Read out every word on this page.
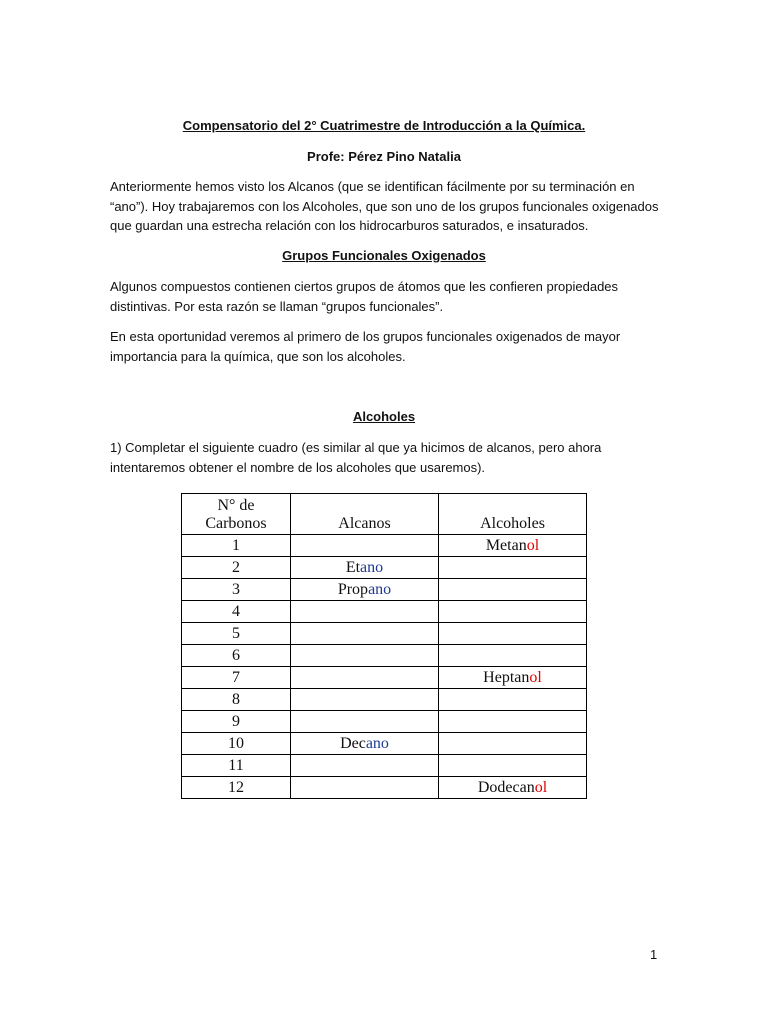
Compensatorio del 2° Cuatrimestre de Introducción a la Química.
Profe: Pérez Pino Natalia
Anteriormente hemos visto los Alcanos (que se identifican fácilmente por su terminación en “ano”). Hoy trabajaremos con los Alcoholes, que son uno de los grupos funcionales oxigenados que guardan una estrecha relación con los hidrocarburos saturados, e insaturados.
Grupos Funcionales Oxigenados
Algunos compuestos contienen ciertos grupos de átomos que les confieren propiedades distintivas. Por esta razón se llaman “grupos funcionales”.
En esta oportunidad veremos al primero de los grupos funcionales oxigenados de mayor importancia para la química, que son los alcoholes.
Alcoholes
1) Completar el siguiente cuadro (es similar al que ya hicimos de alcanos, pero ahora intentaremos obtener el nombre de los alcoholes que usaremos).
N° de
Carbonos	Alcanos	Alcoholes
1		Metanol
2	Etano	
3	Propano	
4		
5		
6		
7		Heptanol
8		
9		
10	Decano	
11		
12		Dodecanol
1
